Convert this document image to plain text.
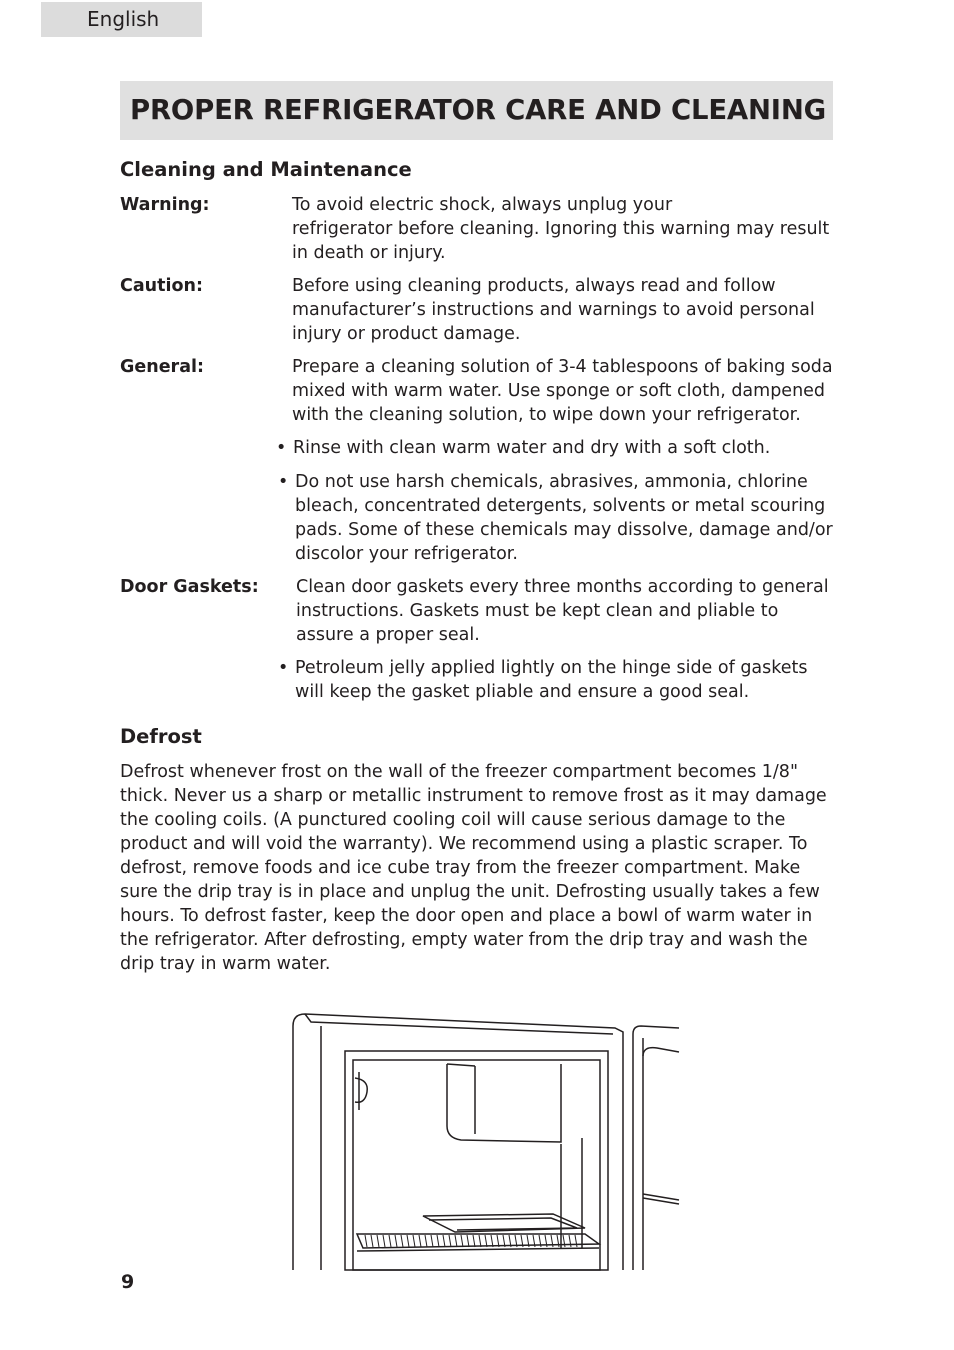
English
PROPER REFRIGERATOR CARE AND CLEANING
Cleaning and Maintenance
Warning:	To avoid electric shock, always unplug your
refrigerator before cleaning. Ignoring this warning may result
in death or injury.

Caution:	Before using cleaning products, always read and follow
manufacturer’s instructions and warnings to avoid personal
injury or product damage.

General:	Prepare a cleaning solution of 3-4 tablespoons of baking soda
mixed with warm water. Use sponge or soft cloth, dampened
with the cleaning solution, to wipe down your refrigerator.

• Rinse with clean warm water and dry with a soft cloth.
• Do not use harsh chemicals, abrasives, ammonia, chlorine
bleach, concentrated detergents, solvents or metal scouring
pads. Some of these chemicals may dissolve, damage and/or
discolor your refrigerator.
Door Gaskets: Clean door gaskets every three months according to general
instructions. Gaskets must be kept clean and pliable to
assure a proper seal.

• Petroleum jelly applied lightly on the hinge side of gaskets
will keep the gasket pliable and ensure a good seal.
Defrost

Defrost whenever frost on the wall of the freezer compartment becomes 1/8"
thick. Never us a sharp or metallic instrument to remove frost as it may damage
the cooling coils. (A punctured cooling coil will cause serious damage to the
product and will void the warranty). We recommend using a plastic scraper. To
defrost, remove foods and ice cube tray from the freezer compartment. Make
sure the drip tray is in place and unplug the unit. Defrosting usually takes a few
hours. To defrost faster, keep the door open and place a bowl of warm water in
the refrigerator. After defrosting, empty water from the drip tray and wash the
drip tray in warm water.

9
